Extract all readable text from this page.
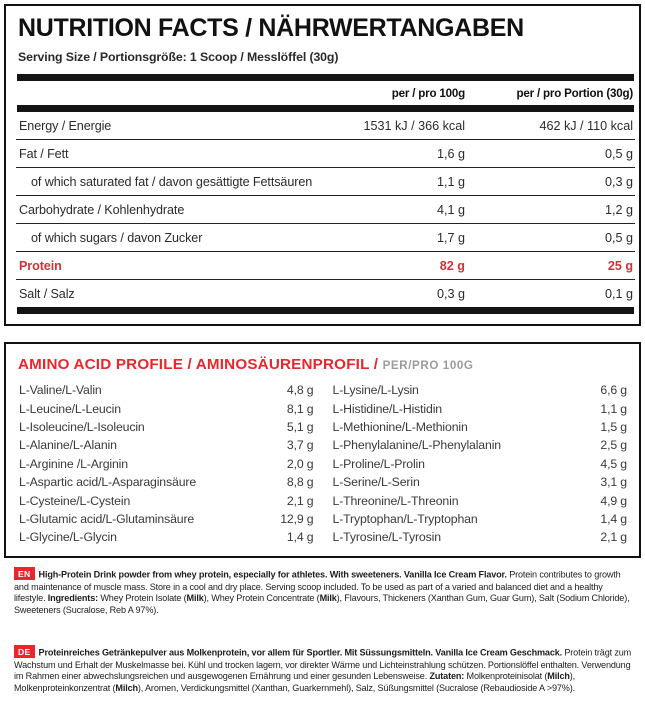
NUTRITION FACTS / NÄHRWERTANGABEN
Serving Size / Portionsgröße: 1 Scoop / Messlöffel (30g)

	per / pro 100g	per / pro Portion (30g)

Energy / Energie	1531 kJ / 366 kcal	462 kJ / 110 kcal
Fat / Fett	1,6 g	0,5 g
of which saturated fat / davon gesättigte Fettsäuren	1,1 g	0,3 g
Carbohydrate / Kohlenhydrate	4,1 g	1,2 g
of which sugars / davon Zucker	1,7 g	0,5 g
Protein	82 g	25 g
Salt / Salz	0,3 g	0,1 g

AMINO ACID PROFILE / AMINOSÄURENPROFIL / PER/PRO 100G
L-Valine/L-Valin	4,8 g
L-Leucine/L-Leucin	8,1 g
L-Isoleucine/L-Isoleucin	5,1 g
L-Alanine/L-Alanin	3,7 g
L-Arginine /L-Arginin	2,0 g
L-Aspartic acid/L-Asparaginsäure	8,8 g
L-Cysteine/L-Cystein	2,1 g
L-Glutamic acid/L-Glutaminsäure	12,9 g
L-Glycine/L-Glycin	1,4 g
L-Lysine/L-Lysin	6,6 g
L-Histidine/L-Histidin	1,1 g
L-Methionine/L-Methionin	1,5 g
L-Phenylalanine/L-Phenylalanin	2,5 g
L-Proline/L-Prolin	4,5 g
L-Serine/L-Serin	3,1 g
L-Threonine/L-Threonin	4,9 g
L-Tryptophan/L-Tryptophan	1,4 g
L-Tyrosine/L-Tyrosin	2,1 g
EN High-Protein Drink powder from whey protein, especially for athletes. With sweeteners. Vanilla Ice Cream Flavor. Protein contributes to growth and maintenance of muscle mass. Store in a cool and dry place. Serving scoop included. To be used as part of a varied and balanced diet and a healthy lifestyle. Ingredients: Whey Protein Isolate (Milk), Whey Protein Concentrate (Milk), Flavours, Thickeners (Xanthan Gum, Guar Gum), Salt (Sodium Chloride), Sweeteners (Sucralose, Reb A 97%).
DE Proteinreiches Getränkepulver aus Molkenprotein, vor allem für Sportler. Mit Süssungsmitteln. Vanilla Ice Cream Geschmack. Protein trägt zum Wachstum und Erhalt der Muskelmasse bei. Kühl und trocken lagern, vor direkter Wärme und Lichteinstrahlung schützen. Portionslöffel enthalten. Verwendung im Rahmen einer abwechslungsreichen und ausgewogenen Ernährung und einer gesunden Lebensweise. Zutaten: Molkenproteinisolat (Milch), Molkenproteinkonzentrat (Milch), Aromen, Verdickungsmittel (Xanthan, Guarkernmehl), Salz, Süßungsmittel (Sucralose (Rebaudioside A >97%).
